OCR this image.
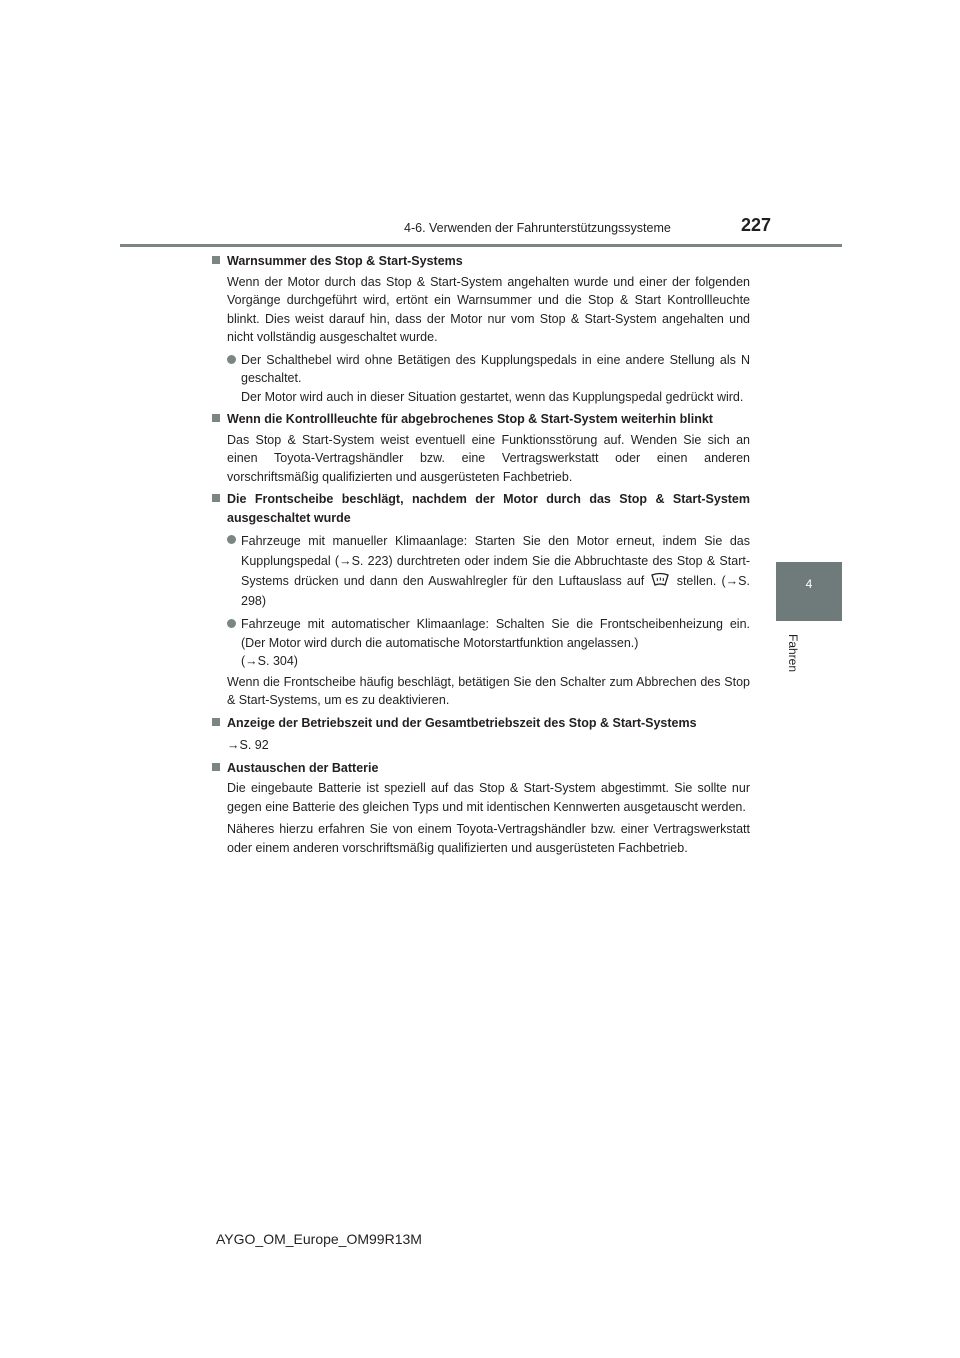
4-6. Verwenden der Fahrunterstützungssysteme	227
4
Fahren
Warnsummer des Stop & Start-Systems
Wenn der Motor durch das Stop & Start-System angehalten wurde und einer der folgenden Vorgänge durchgeführt wird, ertönt ein Warnsummer und die Stop & Start Kontrollleuchte blinkt. Dies weist darauf hin, dass der Motor nur vom Stop & Start-System angehalten und nicht vollständig ausgeschaltet wurde.
Der Schalthebel wird ohne Betätigen des Kupplungspedals in eine andere Stellung als N geschaltet.
Der Motor wird auch in dieser Situation gestartet, wenn das Kupplungspedal gedrückt wird.
Wenn die Kontrollleuchte für abgebrochenes Stop & Start-System weiterhin blinkt
Das Stop & Start-System weist eventuell eine Funktionsstörung auf. Wenden Sie sich an einen Toyota-Vertragshändler bzw. eine Vertragswerkstatt oder einen anderen vorschriftsmäßig qualifizierten und ausgerüsteten Fachbetrieb.
Die Frontscheibe beschlägt, nachdem der Motor durch das Stop & Start-System ausgeschaltet wurde
Fahrzeuge mit manueller Klimaanlage: Starten Sie den Motor erneut, indem Sie das Kupplungspedal (→S. 223) durchtreten oder indem Sie die Abbruchtaste des Stop & Start-Systems drücken und dann den Auswahlregler für den Luftauslass auf	stellen. (→S. 298)
Fahrzeuge mit automatischer Klimaanlage: Schalten Sie die Frontscheibenheizung ein. (Der Motor wird durch die automatische Motorstartfunktion angelassen.)
(→S. 304)
Wenn die Frontscheibe häufig beschlägt, betätigen Sie den Schalter zum Abbrechen des Stop & Start-Systems, um es zu deaktivieren.
Anzeige der Betriebszeit und der Gesamtbetriebszeit des Stop & Start-Systems
→S. 92
Austauschen der Batterie
Die eingebaute Batterie ist speziell auf das Stop & Start-System abgestimmt. Sie sollte nur gegen eine Batterie des gleichen Typs und mit identischen Kennwerten ausgetauscht werden.
Näheres hierzu erfahren Sie von einem Toyota-Vertragshändler bzw. einer Vertragswerkstatt oder einem anderen vorschriftsmäßig qualifizierten und ausgerüsteten Fachbetrieb.
AYGO_OM_Europe_OM99R13M
